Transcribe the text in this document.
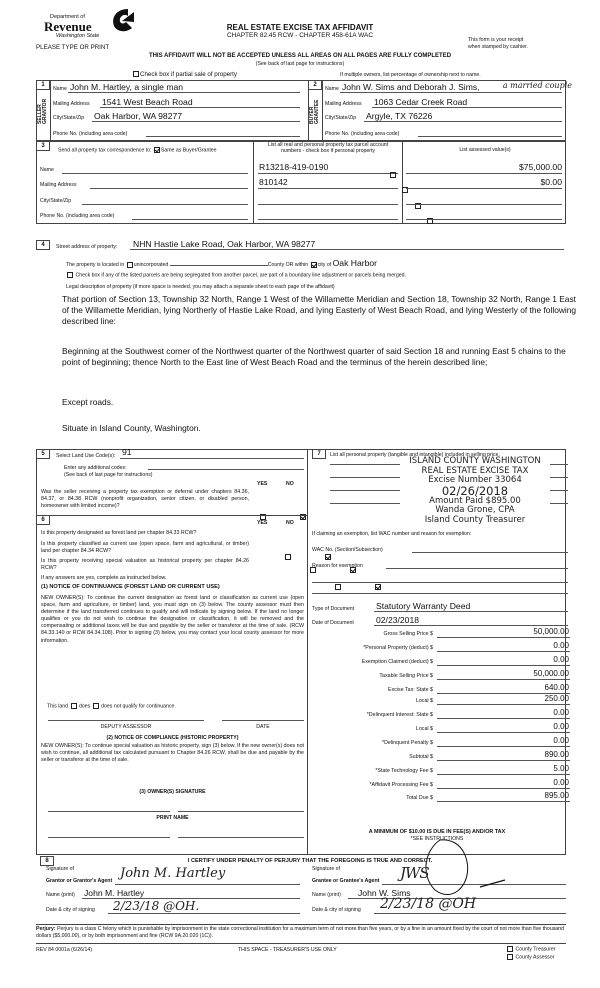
Department of
Revenue
Washington State
PLEASE TYPE OR PRINT
REAL ESTATE EXCISE TAX AFFIDAVIT
CHAPTER 82.45 RCW - CHAPTER 458-61A WAC
This form is your receipt
when stamped by cashier.
THIS AFFIDAVIT WILL NOT BE ACCEPTED UNLESS ALL AREAS ON ALL PAGES ARE FULLY COMPLETED
(See back of last page for instructions)
Check box if partial sale of property	If multiple owners, list percentage of ownership next to name.
1
SELLER GRANTOR
Name John M. Hartley, a single man
Mailing Address 1541 West Beach Road
City/State/Zip Oak Harbor, WA 98277
Phone No. (including area code)
2
BUYER GRANTEE
Name John W. Sims and Deborah J. Sims,	a married couple
Mailing Address 1063 Cedar Creek Road
City/State/Zip Argyle, TX 76226
Phone No. (including area code)
3
Send all property tax correspondence to: Same as Buyer/Grantee
List all real and personal property tax parcel account numbers - check box if personal property	List assessed value(s)
Name
Mailing Address
City/State/Zip
Phone No. (including area code)
R13218-419-0190
	$75,000.00
810142
	$0.00

4	Street address of property: NHN Hastie Lake Road, Oak Harbor, WA 98277
The property is located in unincorporated	County OR within city of Oak Harbor
Check box if any of the listed parcels are being segregated from another parcel, are part of a boundary line adjustment or parcels being merged.
Legal description of property (if more space is needed, you may attach a separate sheet to each page of the affidavit)
That portion of Section 13, Township 32 North, Range 1 West of the Willamette Meridian and Section 18, Township 32 North, Range 1 East of the Willamette Meridian, lying Northerly of Hastie Lake Road, and lying Easterly of West Beach Road, and lying Westerly of the following described line:
Beginning at the Southwest corner of the Northwest quarter of the Northwest quarter of said Section 18 and running East 5 chains to the point of beginning; thence North to the East line of West Beach Road and the terminus of the herein described line;
Except roads.
Situate in Island County, Washington.
5	Select Land Use Code(s): 91
Enter any additional codes:
(See back of last page for instructions)
YES	NO
Was the seller receiving a property tax exemption or deferral under chapters 84.36, 84.37, or 84.38 RCW (nonprofit organization, senior citizen, or disabled person, homeowner with limited income)?

6	YES	NO
Is this property designated as forest land per chapter 84.33 RCW?

Is this property classified as current use (open space, farm and agricultural, or timber) land per chapter 84.34 RCW?

Is this property receiving special valuation as historical property per chapter 84.26 RCW?

If any answers are yes, complete as instructed below.
(1) NOTICE OF CONTINUANCE (FOREST LAND OR CURRENT USE)
NEW OWNER(S): To continue the current designation as forest land or classification as current use (open space, farm and agriculture, or timber) land, you must sign on (3) below. The county assessor must then determine if the land transferred continues to qualify and will indicate by signing below. If the land no longer qualifies or you do not wish to continue the designation or classification, it will be removed and the compensating or additional taxes will be due and payable by the seller or transferor at the time of sale. (RCW 84.33.140 or RCW 84.34.108). Prior to signing (3) below, you may contact your local county assessor for more information.
This land does does not qualify for continuance.
DEPUTY ASSESSOR	DATE
(2) NOTICE OF COMPLIANCE (HISTORIC PROPERTY)
NEW OWNER(S): To continue special valuation as historic property, sign (3) below. If the new owner(s) does not wish to continue, all additional tax calculated pursuant to Chapter 84.26 RCW, shall be due and payable by the seller or transferor at the time of sale.
(3) OWNER(S) SIGNATURE
PRINT NAME
7	List all personal property (tangible and intangible) included in selling price.
ISLAND COUNTY WASHINGTON
REAL ESTATE EXCISE TAX
Excise Number 33064
02/26/2018
Amount Paid $895.00
Wanda Grone, CPA
Island County Treasurer
If claiming an exemption, list WAC number and reason for exemption:
WAC No. (Section/Subsection)
Reason for exemption
Type of Document	Statutory Warranty Deed
Date of Document	02/23/2018
Gross Selling Price $	50,000.00
*Personal Property (deduct) $	0.00
Exemption Claimed (deduct) $	0.00
Taxable Selling Price $	50,000.00
Excise Tax: State $	640.00
Local $	250.00
*Delinquent Interest: State $	0.00
Local $	0.00
*Delinquent Penalty $	0.00
Subtotal $	890.00
*State Technology Fee $	5.00
*Affidavit Processing Fee $	0.00
Total Due $	895.00
A MINIMUM OF $10.00 IS DUE IN FEE(S) AND/OR TAX
*SEE INSTRUCTIONS
8	I CERTIFY UNDER PENALTY OF PERJURY THAT THE FOREGOING IS TRUE AND CORRECT.
Signature of
Grantor or Grantor's Agent John M. Hartley
Name (print) John M. Hartley
Date & city of signing 2/23/18 @OH.
Signature of
Grantee or Grantee's Agent JWS
Name (print) John W. Sims
Date & city of signing 2/23/18 @OH
Perjury: Perjury is a class C felony which is punishable by imprisonment in the state correctional institution for a maximum term of not more than five years, or by a fine in an amount fixed by the court of not more than five thousand dollars ($5,000.00), or by both imprisonment and fine (RCW 9A.20.020 (1C)).
REV 84 0001a (6/26/14)	THIS SPACE - TREASURER'S USE ONLY	County Treasurer
County Assessor
